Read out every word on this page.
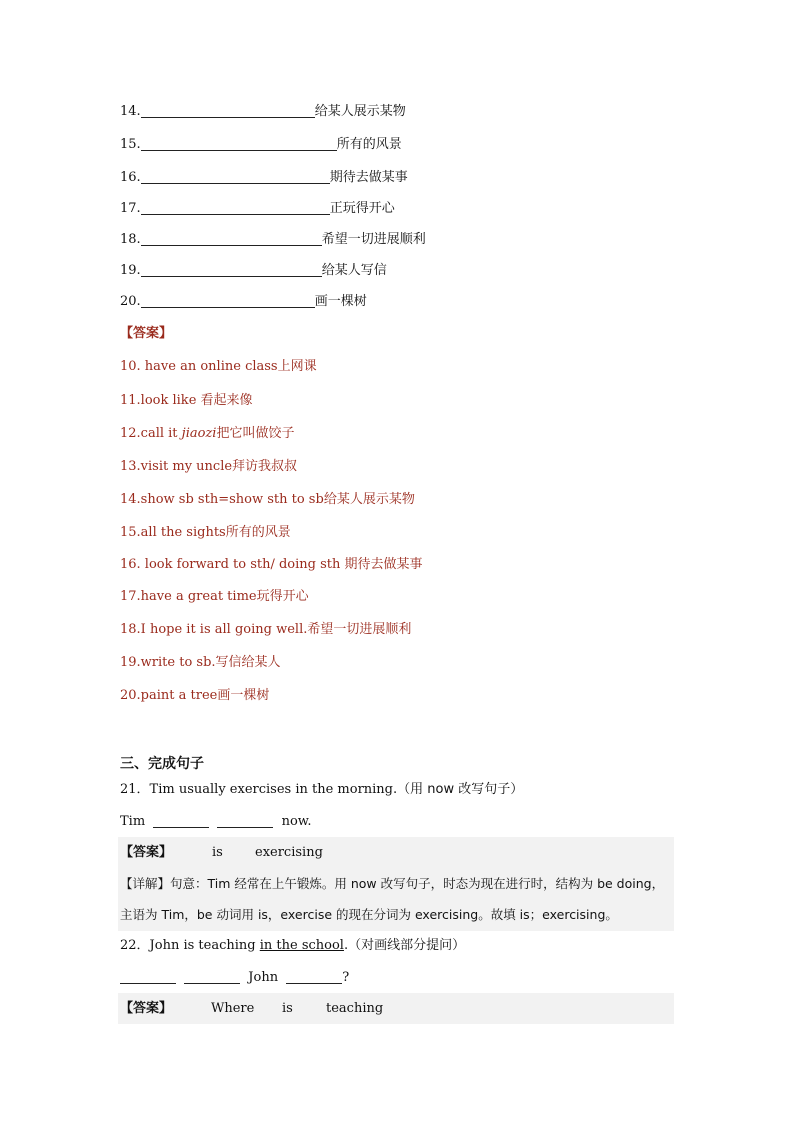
14.	给某人展示某物
15.	所有的风景
16.	期待去做某事
17.	正玩得开心
18.	希望一切进展顺利
19.	给某人写信
20.	画一棵树
【答案】
10. have an online class上网课
11.look like 看起来像
12.call it jiaozi把它叫做饺子
13.visit my uncle拜访我叔叔
14.show sb sth=show sth to sb给某人展示某物
15.all the sights所有的风景
16. look forward to sth/ doing sth 期待去做某事
17.have a great time玩得开心
18.I hope it is all going well.希望一切进展顺利
19.write to sb.写信给某人
20.paint a tree画一棵树
三、完成句子
21．Tim usually exercises in the morning.（用 now 改写句子）
Tim	now.
【答案】	is exercising
【详解】句意：Tim 经常在上午锻炼。用 now 改写句子，时态为现在进行时，结构为 be doing，
主语为 Tim，be 动词用 is，exercise 的现在分词为 exercising。故填 is；exercising。
22．John is teaching in the school.（对画线部分提问）
John	?
【答案】	Where is	teaching
